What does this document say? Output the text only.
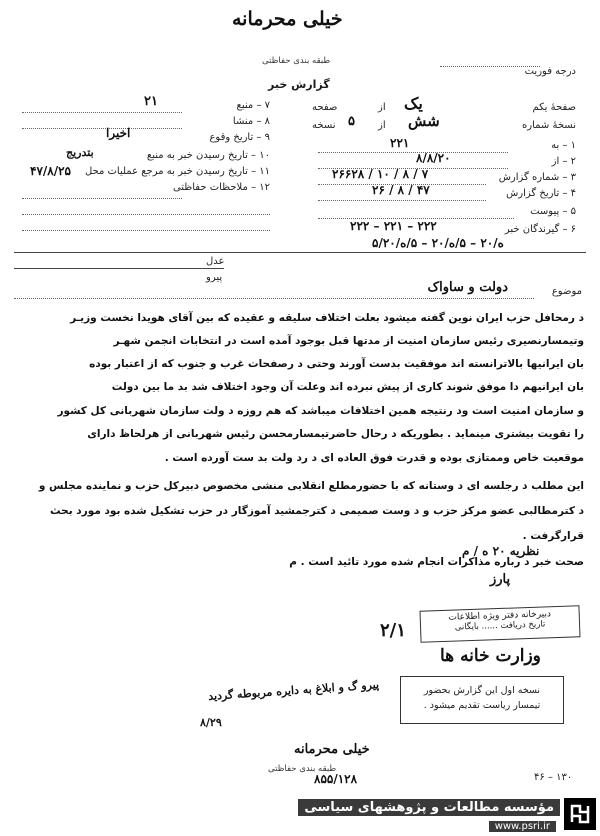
خیلی محرمانه
طبقه بندی حفاظتی
گزارش خبر
درجه فوریت
صفحهٔ یکم
یک
از
صفحه
نسخهٔ شماره
شش
از
۵
نسخه
۱ – به
۲۲۱
۲ – از
۸/۸/۲۰
۳ – شماره گزارش
۲۶۶۲۸ / ۱۰ / ۸ / ۷
۴ – تاریخ گزارش
۲۶ / ۸ / ۴۷
۵ – پیوست
۶ – گیرندگان خبر
۲۲۲ – ۲۲۱ – ۲۲۲
۵/ه/۲۰ – ۵/ه/۲۰ – ۵/ه/۲۰
۷ – منبع
۲۱
۸ – منشا
۹ – تاریخ وقوع
اخیرا
۱۰ – تاریخ رسیدن خبر به منبع
بتدریج
۱۱ – تاریخ رسیدن خبر به مرجع عملیات محل
۴۷/۸/۲۵
۱۲ – ملاحظات حفاظتی
عدل
پیرو
موضوع
دولت و ساواک
د رمحافل حزب ایران نوین گفته میشود بعلت اختلاف سلیقه و عقیده که بین آقای هویدا نخست وزیـر
وتیمسارنصیری رئیس سازمان امنیت از مدتها قبل بوجود آمده است در انتخابات انجمن شهـر
بان ایرانیها بالاترانسته اند موفقیت بدست آورند وحتی د رصفحات غرب و جنوب که از اعتبار بوده
بان ایرانیهم دا موفق شوند کاری از پیش نبرده اند وعلت آن وجود اختلاف شد بد ما بین دولت
و سازمان امنیت است ود رنتیجه همین اختلافات میباشد که هم روزه د ولت سازمان شهربانی کل کشور
را تقویت بیشتری مینماید . بطوریکه د رحال حاضرتیمسارمحسن رئیس شهربانی از هرلحاظ دارای
موقعیت خاص وممتازی بوده و قدرت فوق العاده ای د رد ولت بد ست آورده است .
این مطلب د رجلسه ای د وستانه که با حضورمطلع انقلابی منشی مخصوص دبیرکل حزب و نماینده مجلس و
د کترمطالبی عضو مرکز حزب و د وست صمیمی د کترجمشید آموزگار در حزب تشکیل شده بود مورد بحث
قرارگرفت .
صحت خبر د رباره مذاکرات انجام شده مورد تائید است . م
نظریه ۲۰ ه / م
پارز
دبیرخانه دفتر ویژه اطلاعات
تاریخ دریافت ...... بایگانی
۲/۱
وزارت خانه ها
نسخه اول این گزارش بحضور
تیمسار ریاست تقدیم میشود .
پیرو گ و ابلاغ به دایره مربوطه گردید
۸/۲۹
خیلی محرمانه
طبقه بندی حفاظتی
۸۵۵/۱۲۸	۴۶ – ۱۳۰
مؤسسه مطالعات و پژوهشهای سیاسی
www.psri.ir
